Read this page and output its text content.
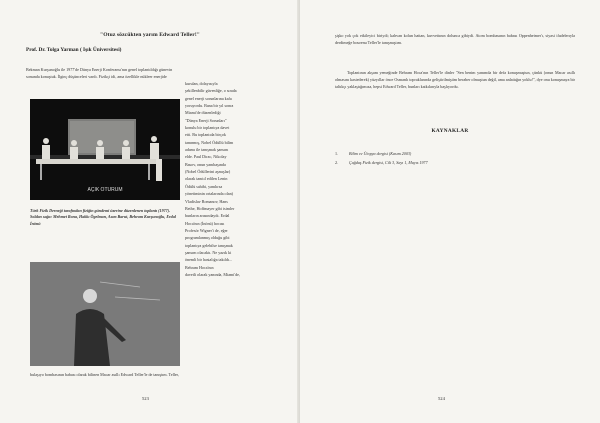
"Otuz sözcükten yarım Edward Teller!"
Prof. Dr. Tolga Yarman ( Işık Üniversitesi)
Bekman Kurşunoğlu ile 1977'de Dünya Enerji Konferansı'nın genel toplantıldığı günevin
sonunda konuştuk. İlginç düşünceleri vardı. Fizikçi idi, ama özellikle nükleer enerjide
AÇIK OTURUM
Türk Fizik Derneği tarafından fiziğin gündemi üzerine düzenlenen toplantı (1977). Soldan sağa: Mehmet Rona, Hakkı Ögelman, Asım Barut, Behram Kurşunoğlu, Erdal İnönü
kurulan, dolayısıyla
şekillenbilir güvenliğe, o sırada
genel enerji sorunlarına kafa
yoruyordu. Bana bir yıl sonra
Miami'de düzenlediği
"Dünya Enerji Sorunları"
konulu bir toplantıya davet
etti. Bu toplantıda birçok
tanınmış, Nobel Ödüllü bilim
adamı ile tanışmak şansını
elde. Paul Dirac, Nikolay
Basov, onun yanıbaşında
(Nobel Ödüllerini aşmışlar)
olarak tanıtıl edilen Lenin
Ödülü sahibi, yanılırsa
yönetiminin ortalarında olan)
Vladislav Romanov, Hans
Bethe, Hoffmayer gibi isimler
bunların arasındaydı. Erdal
Hoca'nın (İnönü) hocası
Profesör Wigner'i de, eğer
programlanmış olduğu gibi
toplantıya gelebilse tanışmak
şansım olacaktı. Ne yazık ki
önemli bir hastalığa takıldı...
Behram Hoca'nın
davetli olarak yanında, Miami'de,
bulaşıyo bombasının babası olarak bilinen Macar asıllı Edward Teller'le de tanıştım. Teller,
523
şişko yok çok etkileyici biriydi; kahvan kolun hattan, kuvvettının dolunca gibiydi. Atom bombasının babası Oppenheimer'ı, siyasi ifadelerıyla derdimeğe bourenu Teller'le tanışmıştım.
Toplantının akşam yemeğinde Behram Hoca'nın Teller'le dinler "Sen benim yanımda bir defa konuşmuştun, çünkü (onun Macar asıllı olmasını kastederek) yüzyıllar önce Osmanlı topraklarında geliştirilmiştim beraber olmuştun değil, ama anlattığın yoklu!", dye onu konuşmaya bir taltıkçı yaklaştığımıza, hepsi Edward Teller, bunları katkılarıyla başlıyordu.
KAYNAKLAR
1.	Bilim ve Ütopya dergisi (Kasım 2003)
2.	Çağdaş Fizik dergisi, Cilt 3, Sayı 1, Mayıs 1977
524
